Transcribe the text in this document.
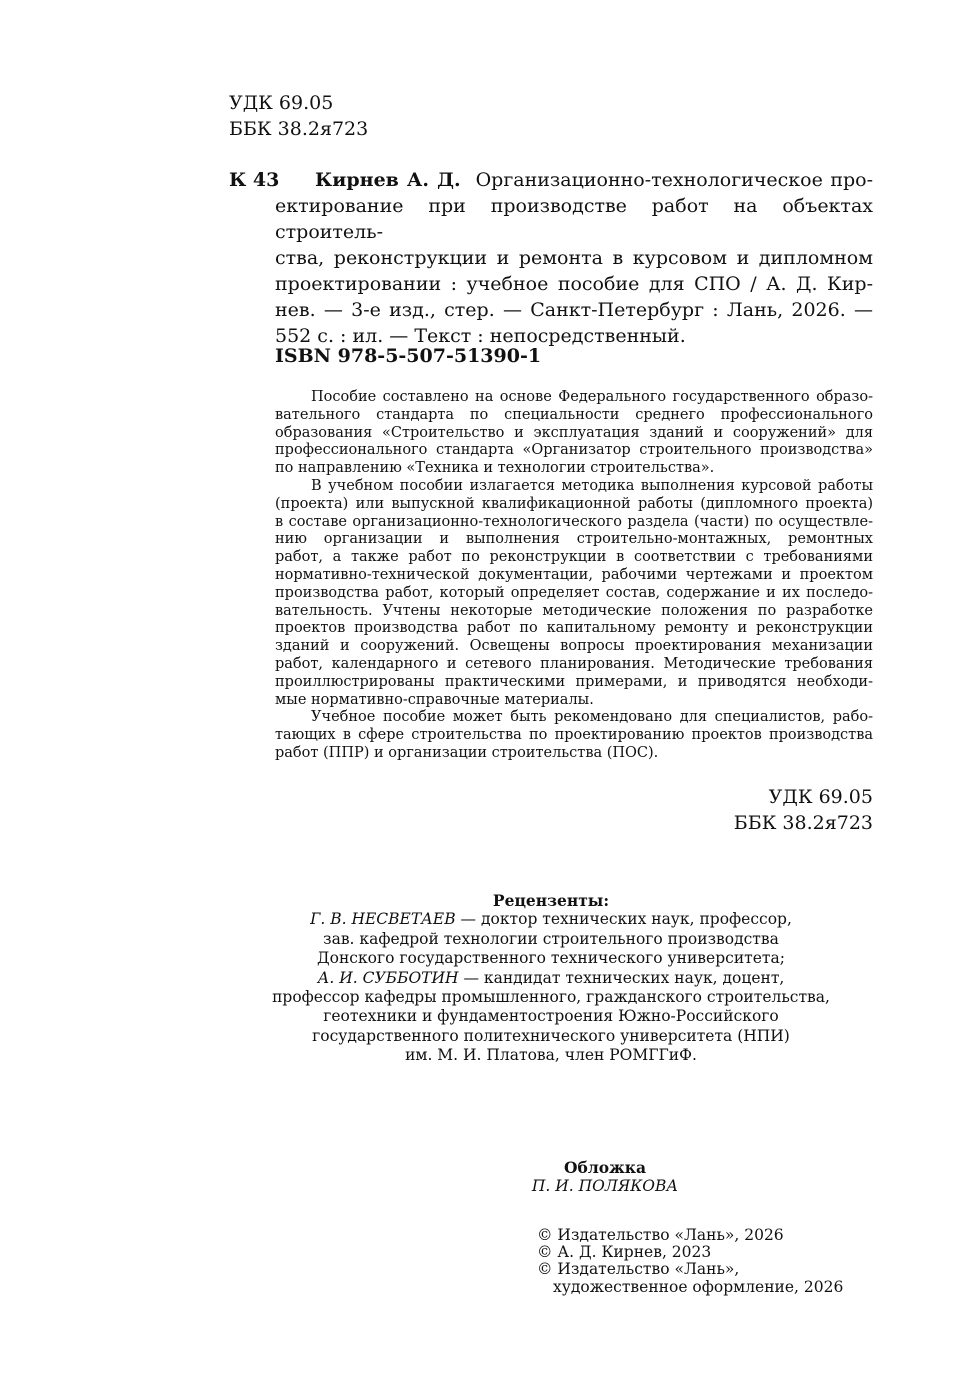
УДК 69.05
ББК 38.2я723
К 43	Кирнев А. Д. Организационно-технологическое про-
ектирование при производстве работ на объектах строитель-
ства, реконструкции и ремонта в курсовом и дипломном
проектировании : учебное пособие для СПО / А. Д. Кир-
нев. — 3-е изд., стер. — Санкт-Петербург : Лань, 2026. —
552 с. : ил. — Текст : непосредственный.
ISBN 978-5-507-51390-1
Пособие составлено на основе Федерального государственного образо-
вательного стандарта по специальности среднего профессионального
образования «Строительство и эксплуатация зданий и сооружений» для
профессионального стандарта «Организатор строительного производства»
по направлению «Техника и технологии строительства».
В учебном пособии излагается методика выполнения курсовой работы
(проекта) или выпускной квалификационной работы (дипломного проекта)
в составе организационно-технологического раздела (части) по осуществле-
нию организации и выполнения строительно-монтажных, ремонтных
работ, а также работ по реконструкции в соответствии с требованиями
нормативно-технической документации, рабочими чертежами и проектом
производства работ, который определяет состав, содержание и их последо-
вательность. Учтены некоторые методические положения по разработке
проектов производства работ по капитальному ремонту и реконструкции
зданий и сооружений. Освещены вопросы проектирования механизации
работ, календарного и сетевого планирования. Методические требования
проиллюстрированы практическими примерами, и приводятся необходи-
мые нормативно-справочные материалы.
Учебное пособие может быть рекомендовано для специалистов, рабо-
тающих в сфере строительства по проектированию проектов производства
работ (ППР) и организации строительства (ПОС).
УДК 69.05
ББК 38.2я723
Рецензенты:
Г. В. НЕСВЕТАЕВ — доктор технических наук, профессор,
зав. кафедрой технологии строительного производства
Донского государственного технического университета;
А. И. СУББОТИН — кандидат технических наук, доцент,
профессор кафедры промышленного, гражданского строительства,
геотехники и фундаментостроения Южно-Российского
государственного политехнического университета (НПИ)
им. М. И. Платова, член РОМГГиФ.
Обложка
П. И. ПОЛЯКОВА
© Издательство «Лань», 2026
© А. Д. Кирнев, 2023
© Издательство «Лань»,
художественное оформление, 2026
